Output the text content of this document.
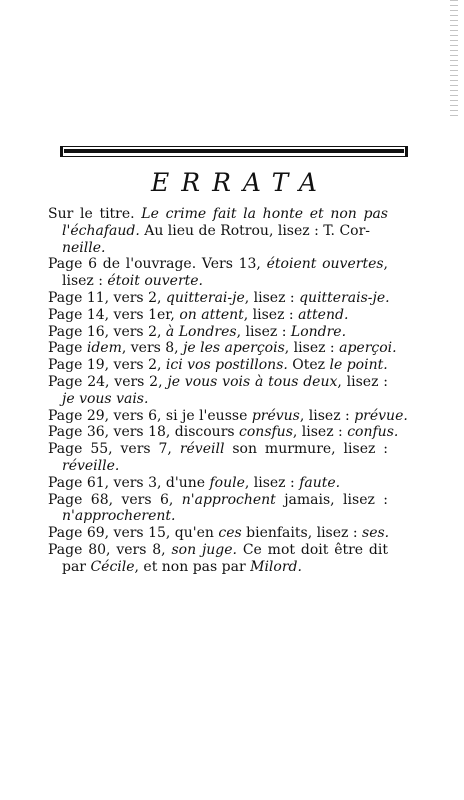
ERRATA
Sur le titre. Le crime fait la honte et non pas
l'échafaud. Au lieu de Rotrou, lisez : T. Cor-
neille.
Page 6 de l'ouvrage. Vers 13, étoient ouvertes,
lisez : étoit ouverte.
Page 11, vers 2, quitterai-je, lisez : quitterais-je.
Page 14, vers 1er, on attent, lisez : attend.
Page 16, vers 2, à Londres, lisez : Londre.
Page idem, vers 8, je les aperçois, lisez : aperçoi.
Page 19, vers 2, ici vos postillons. Otez le point.
Page 24, vers 2, je vous vois à tous deux, lisez :
je vous vais.
Page 29, vers 6, si je l'eusse prévus, lisez : prévue.
Page 36, vers 18, discours consfus, lisez : confus.
Page 55, vers 7, réveill son murmure, lisez :
réveille.
Page 61, vers 3, d'une foule, lisez : faute.
Page 68, vers 6, n'approchent jamais, lisez :
n'approcherent.
Page 69, vers 15, qu'en ces bienfaits, lisez : ses.
Page 80, vers 8, son juge. Ce mot doit être dit
par Cécile, et non pas par Milord.
